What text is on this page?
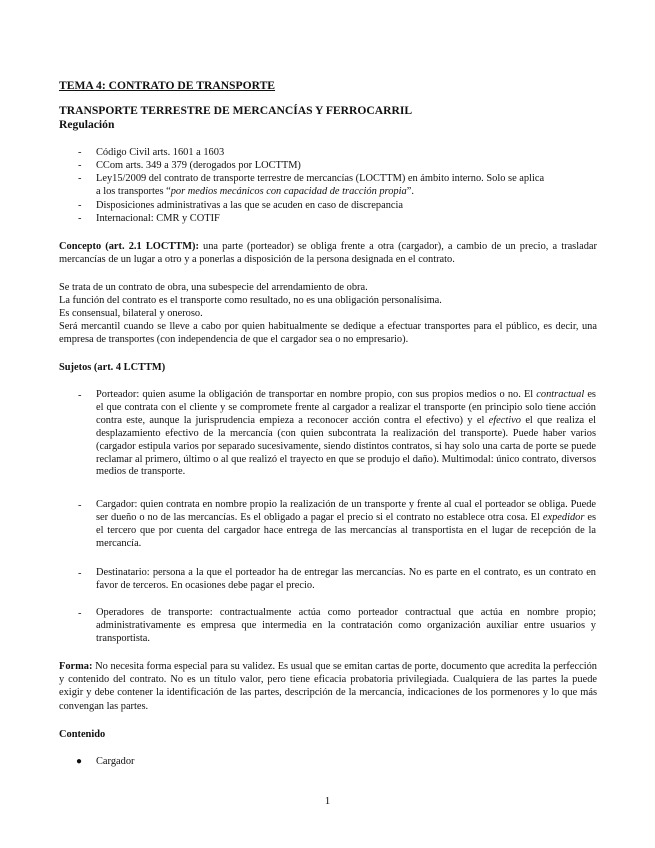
TEMA 4: CONTRATO DE TRANSPORTE
TRANSPORTE TERRESTRE DE MERCANCÍAS Y FERROCARRIL
Regulación
- Código Civil arts. 1601 a 1603
- CCom arts. 349 a 379 (derogados por LOCTTM)
- Ley15/2009 del contrato de transporte terrestre de mercancías (LOCTTM) en ámbito interno. Solo se aplica
a los transportes “por medios mecánicos con capacidad de tracción propia”.
- Disposiciones administrativas a las que se acuden en caso de discrepancia
- Internacional: CMR y COTIF
Concepto (art. 2.1 LOCTTM): una parte (porteador) se obliga frente a otra (cargador), a cambio de un precio, a trasladar mercancías de un lugar a otro y a ponerlas a disposición de la persona designada en el contrato.
Se trata de un contrato de obra, una subespecie del arrendamiento de obra.
La función del contrato es el transporte como resultado, no es una obligación personalísima.
Es consensual, bilateral y oneroso.
Será mercantil cuando se lleve a cabo por quien habitualmente se dedique a efectuar transportes para el público, es decir, una empresa de transportes (con independencia de que el cargador sea o no empresario).
Sujetos (art. 4 LCTTM)
- Porteador: quien asume la obligación de transportar en nombre propio, con sus propios medios o no. El contractual es el que contrata con el cliente y se compromete frente al cargador a realizar el transporte (en principio solo tiene acción contra este, aunque la jurisprudencia empieza a reconocer acción contra el efectivo) y el efectivo el que realiza el desplazamiento efectivo de la mercancía (con quien subcontrata la realización del transporte). Puede haber varios (cargador estipula varios por separado sucesivamente, siendo distintos contratos, si hay solo una carta de porte se puede reclamar al primero, último o al que realizó el trayecto en que se produjo el daño). Multimodal: único contrato, diversos medios de transporte.
- Cargador: quien contrata en nombre propio la realización de un transporte y frente al cual el porteador se obliga. Puede ser dueño o no de las mercancías. Es el obligado a pagar el precio si el contrato no establece otra cosa. El expedidor es el tercero que por cuenta del cargador hace entrega de las mercancías al transportista en el lugar de recepción de la mercancía.
- Destinatario: persona a la que el porteador ha de entregar las mercancías. No es parte en el contrato, es un contrato en favor de terceros. En ocasiones debe pagar el precio.
- Operadores de transporte: contractualmente actúa como porteador contractual que actúa en nombre propio; administrativamente es empresa que intermedia en la contratación como organización auxiliar entre usuarios y transportista.
Forma: No necesita forma especial para su validez. Es usual que se emitan cartas de porte, documento que acredita la perfección y contenido del contrato. No es un título valor, pero tiene eficacia probatoria privilegiada. Cualquiera de las partes la puede exigir y debe contener la identificación de las partes, descripción de la mercancía, indicaciones de los pormenores y lo que más convengan las partes.
Contenido
● Cargador
1
